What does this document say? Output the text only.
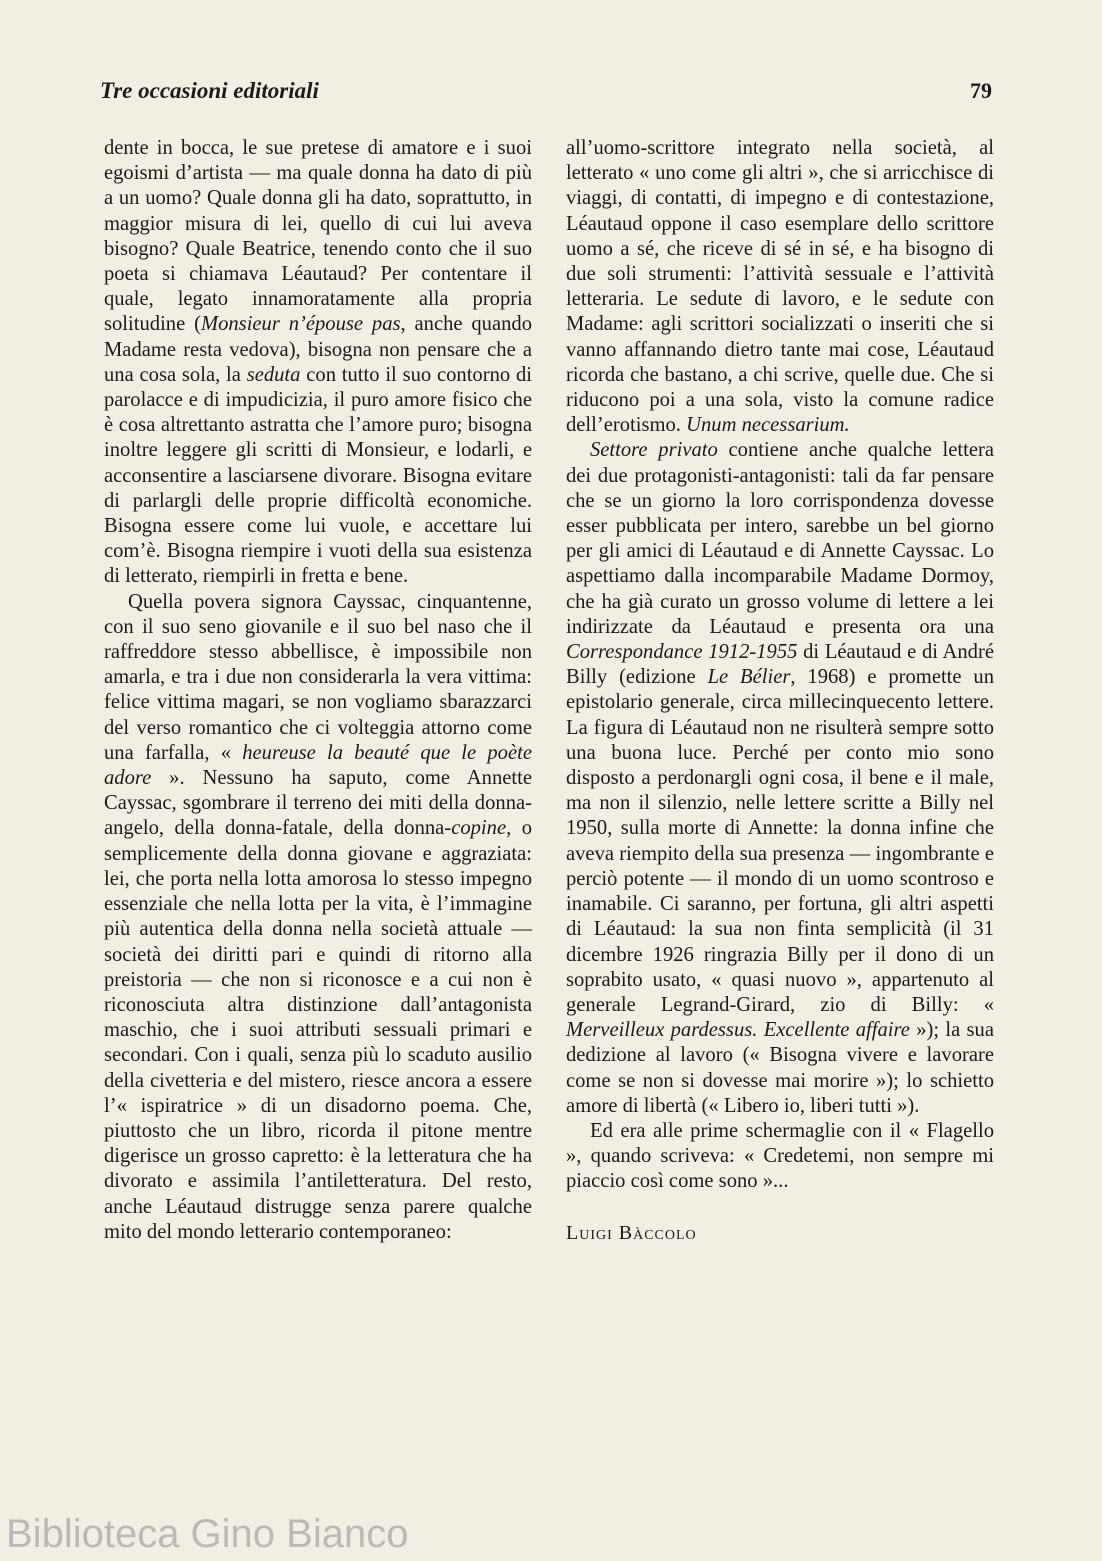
Tre occasioni editoriali	79

dente in bocca, le sue pretese di amatore e i suoi egoismi d’artista — ma quale donna ha dato di più a un uomo? Quale donna gli ha dato, soprattutto, in maggior misura di lei, quello di cui lui aveva bisogno? Quale Beatrice, tenendo conto che il suo poeta si chiamava Léautaud? Per contentare il quale, legato innamoratamente alla propria solitudine (Monsieur n’épouse pas, anche quando Madame resta vedova), bisogna non pensare che a una cosa sola, la seduta con tutto il suo contorno di parolacce e di impudicizia, il puro amore fisico che è cosa altrettanto astratta che l’amore puro; bisogna inoltre leggere gli scritti di Monsieur, e lodarli, e acconsentire a lasciarsene divorare. Bisogna evitare di parlargli delle proprie difficoltà economiche. Bisogna essere come lui vuole, e accettare lui com’è. Bisogna riempire i vuoti della sua esistenza di letterato, riempirli in fretta e bene.

Quella povera signora Cayssac, cinquantenne, con il suo seno giovanile e il suo bel naso che il raffreddore stesso abbellisce, è impossibile non amarla, e tra i due non considerarla la vera vittima: felice vittima magari, se non vogliamo sbarazzarci del verso romantico che ci volteggia attorno come una farfalla, « heureuse la beauté que le poète adore ». Nessuno ha saputo, come Annette Cayssac, sgombrare il terreno dei miti della donna-angelo, della donna-fatale, della donna-copine, o semplicemente della donna giovane e aggraziata: lei, che porta nella lotta amorosa lo stesso impegno essenziale che nella lotta per la vita, è l’immagine più autentica della donna nella società attuale — società dei diritti pari e quindi di ritorno alla preistoria — che non si riconosce e a cui non è riconosciuta altra distinzione dall’antagonista maschio, che i suoi attributi sessuali primari e secondari. Con i quali, senza più lo scaduto ausilio della civetteria e del mistero, riesce ancora a essere l’« ispiratrice » di un disadorno poema. Che, piuttosto che un libro, ricorda il pitone mentre digerisce un grosso capretto: è la letteratura che ha divorato e assimila l’antiletteratura. Del resto, anche Léautaud distrugge senza parere qualche mito del mondo letterario contemporaneo:

all’uomo-scrittore integrato nella società, al letterato « uno come gli altri », che si arricchisce di viaggi, di contatti, di impegno e di contestazione, Léautaud oppone il caso esemplare dello scrittore uomo a sé, che riceve di sé in sé, e ha bisogno di due soli strumenti: l’attività sessuale e l’attività letteraria. Le sedute di lavoro, e le sedute con Madame: agli scrittori socializzati o inseriti che si vanno affannando dietro tante mai cose, Léautaud ricorda che bastano, a chi scrive, quelle due. Che si riducono poi a una sola, visto la comune radice dell’erotismo. Unum necessarium.

Settore privato contiene anche qualche lettera dei due protagonisti-antagonisti: tali da far pensare che se un giorno la loro corrispondenza dovesse esser pubblicata per intero, sarebbe un bel giorno per gli amici di Léautaud e di Annette Cayssac. Lo aspettiamo dalla incomparabile Madame Dormoy, che ha già curato un grosso volume di lettere a lei indirizzate da Léautaud e presenta ora una Correspondance 1912-1955 di Léautaud e di André Billy (edizione Le Bélier, 1968) e promette un epistolario generale, circa millecinquecento lettere. La figura di Léautaud non ne risulterà sempre sotto una buona luce. Perché per conto mio sono disposto a perdonargli ogni cosa, il bene e il male, ma non il silenzio, nelle lettere scritte a Billy nel 1950, sulla morte di Annette: la donna infine che aveva riempito della sua presenza — ingombrante e perciò potente — il mondo di un uomo scontroso e inamabile. Ci saranno, per fortuna, gli altri aspetti di Léautaud: la sua non finta semplicità (il 31 dicembre 1926 ringrazia Billy per il dono di un soprabito usato, « quasi nuovo », appartenuto al generale Legrand-Girard, zio di Billy: « Merveilleux pardessus. Excellente affaire »); la sua dedizione al lavoro (« Bisogna vivere e lavorare come se non si dovesse mai morire »); lo schietto amore di libertà (« Libero io, liberi tutti »).

Ed era alle prime schermaglie con il « Flagello », quando scriveva: « Credetemi, non sempre mi piaccio così come sono »...

Luigi Bàccolo

Biblioteca Gino Bianco
